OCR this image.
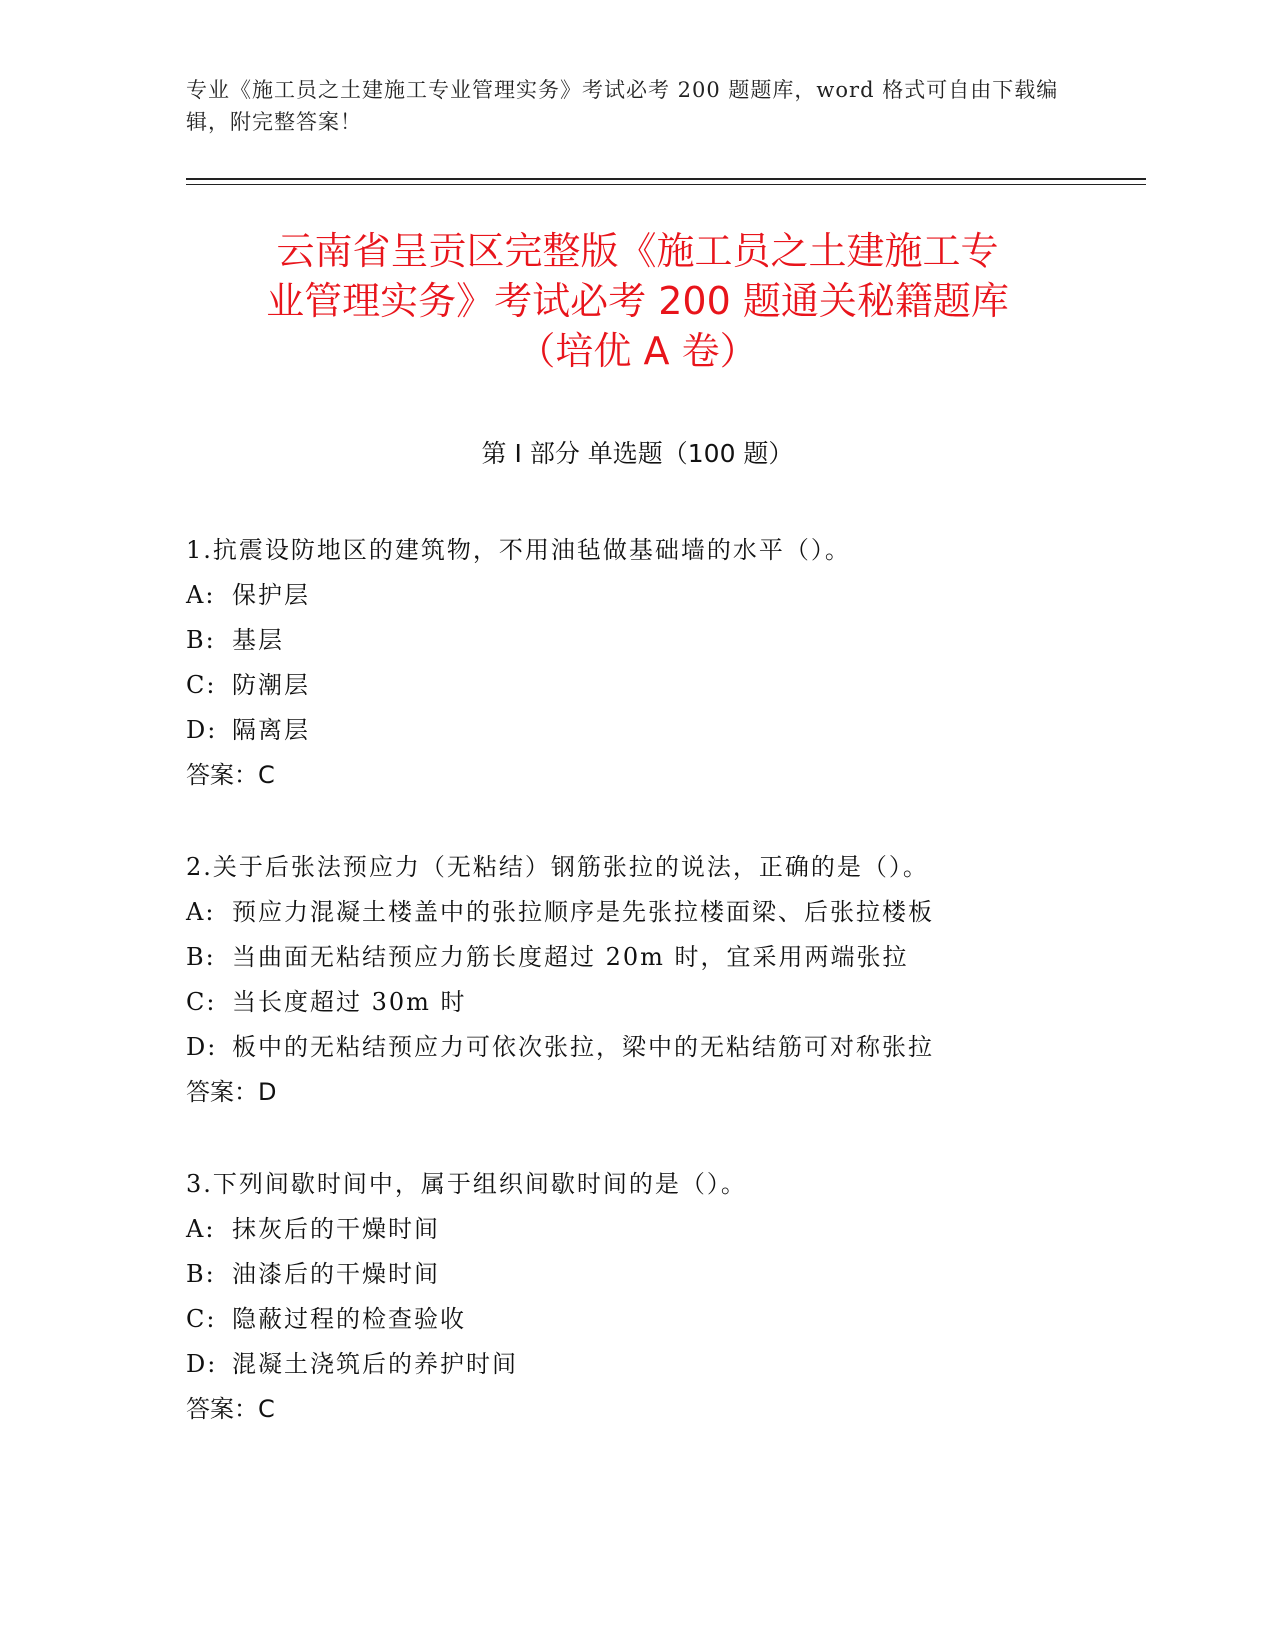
专业《施工员之土建施工专业管理实务》考试必考 200 题题库，word 格式可自由下载编辑，附完整答案！
云南省呈贡区完整版《施工员之土建施工专
业管理实务》考试必考 200 题通关秘籍题库
（培优 A 卷）
第 I 部分 单选题（100 题）
1.抗震设防地区的建筑物，不用油毡做基础墙的水平（）。
A: 保护层
B: 基层
C: 防潮层
D: 隔离层
答案：C
2.关于后张法预应力（无粘结）钢筋张拉的说法，正确的是（）。
A: 预应力混凝土楼盖中的张拉顺序是先张拉楼面梁、后张拉楼板
B: 当曲面无粘结预应力筋长度超过 20m 时，宜采用两端张拉
C: 当长度超过 30m 时
D: 板中的无粘结预应力可依次张拉，梁中的无粘结筋可对称张拉
答案：D
3.下列间歇时间中，属于组织间歇时间的是（）。
A: 抹灰后的干燥时间
B: 油漆后的干燥时间
C: 隐蔽过程的检查验收
D: 混凝土浇筑后的养护时间
答案：C
